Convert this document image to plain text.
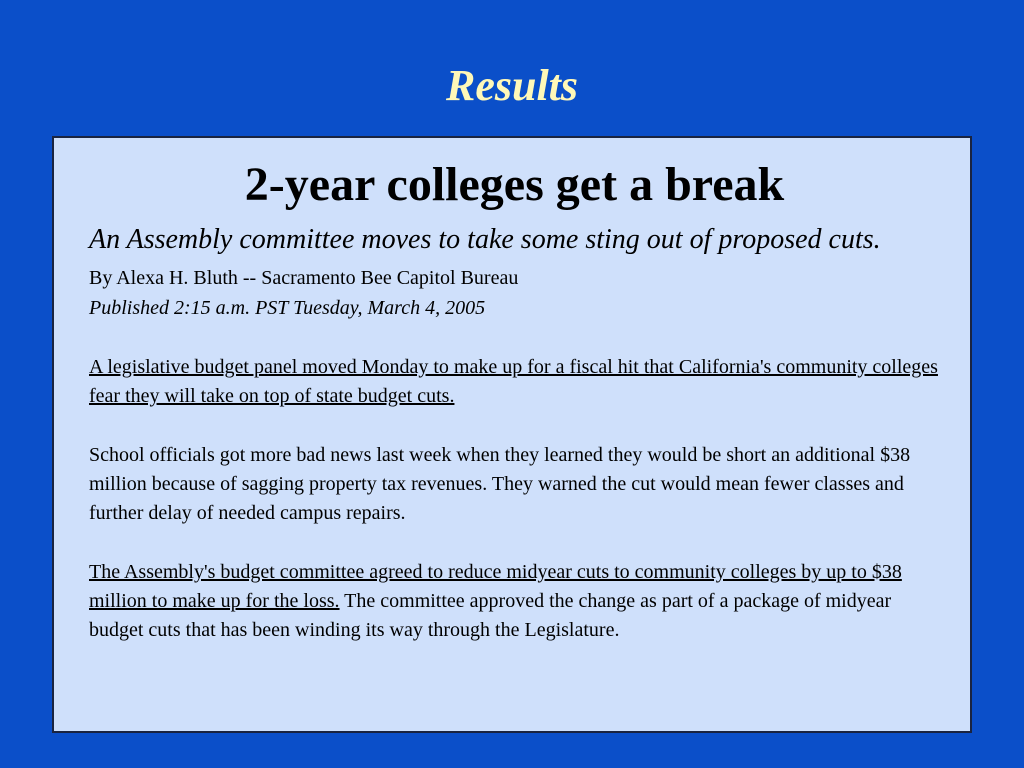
Results
2-year colleges get a break
An Assembly committee moves to take some sting out of proposed cuts.
By Alexa H. Bluth -- Sacramento Bee Capitol Bureau
Published 2:15 a.m. PST Tuesday, March 4, 2005

A legislative budget panel moved Monday to make up for a fiscal hit that California's community colleges fear they will take on top of state budget cuts.

School officials got more bad news last week when they learned they would be short an additional $38 million because of sagging property tax revenues. They warned the cut would mean fewer classes and further delay of needed campus repairs.

The Assembly's budget committee agreed to reduce midyear cuts to community colleges by up to $38 million to make up for the loss. The committee approved the change as part of a package of midyear budget cuts that has been winding its way through the Legislature.
